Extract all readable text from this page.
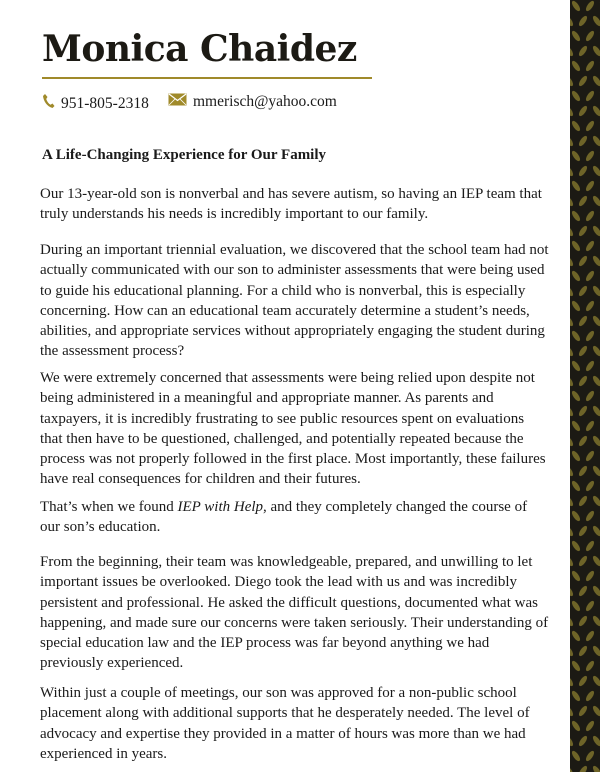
Monica Chaidez
951-805-2318	mmerisch@yahoo.com
A Life-Changing Experience for Our Family

Our 13-year-old son is nonverbal and has severe autism, so having an IEP team that truly understands his needs is incredibly important to our family.

During an important triennial evaluation, we discovered that the school team had not actually communicated with our son to administer assessments that were being used to guide his educational planning. For a child who is nonverbal, this is especially concerning. How can an educational team accurately determine a student’s needs, abilities, and appropriate services without appropriately engaging the student during the assessment process?

We were extremely concerned that assessments were being relied upon despite not being administered in a meaningful and appropriate manner. As parents and taxpayers, it is incredibly frustrating to see public resources spent on evaluations that then have to be questioned, challenged, and potentially repeated because the process was not properly followed in the first place. Most importantly, these failures have real consequences for children and their futures.

That’s when we found IEP with Help, and they completely changed the course of our son’s education.

From the beginning, their team was knowledgeable, prepared, and unwilling to let important issues be overlooked. Diego took the lead with us and was incredibly persistent and professional. He asked the difficult questions, documented what was happening, and made sure our concerns were taken seriously. Their understanding of special education law and the IEP process was far beyond anything we had previously experienced.

Within just a couple of meetings, our son was approved for a non-public school placement along with additional supports that he desperately needed. The level of advocacy and expertise they provided in a matter of hours was more than we had experienced in years.
